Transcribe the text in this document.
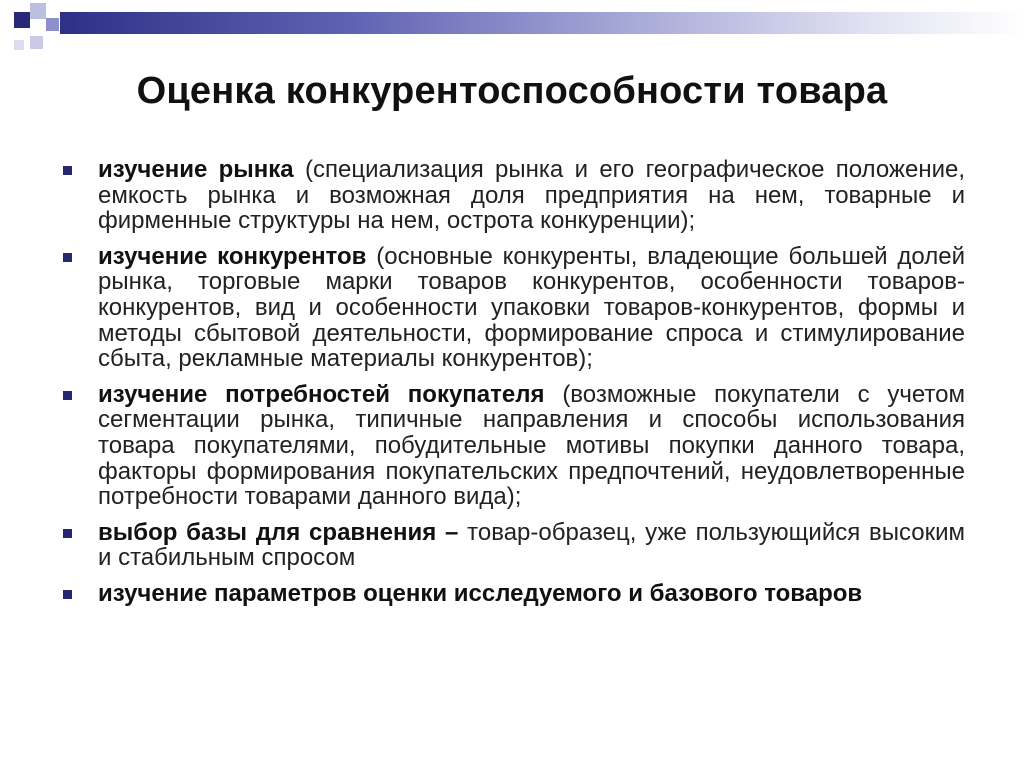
Оценка конкурентоспособности товара
изучение рынка (специализация рынка и его географическое положение, емкость рынка и возможная доля предприятия на нем, товарные и фирменные структуры на нем, острота конкуренции);
изучение конкурентов (основные конкуренты, владеющие большей долей рынка, торговые марки товаров конкурентов, особенности товаров-конкурентов, вид и особенности упаковки товаров-конкурентов, формы и методы сбытовой деятельности, формирование спроса и стимулирование сбыта, рекламные материалы конкурентов);
изучение потребностей покупателя (возможные покупатели с учетом сегментации рынка, типичные направления и способы использования товара покупателями, побудительные мотивы покупки данного товара, факторы формирования покупательских предпочтений, неудовлетворенные потребности товарами данного вида);
выбор базы для сравнения – товар-образец, уже пользующийся высоким и стабильным спросом
изучение параметров оценки исследуемого и базового товаров
